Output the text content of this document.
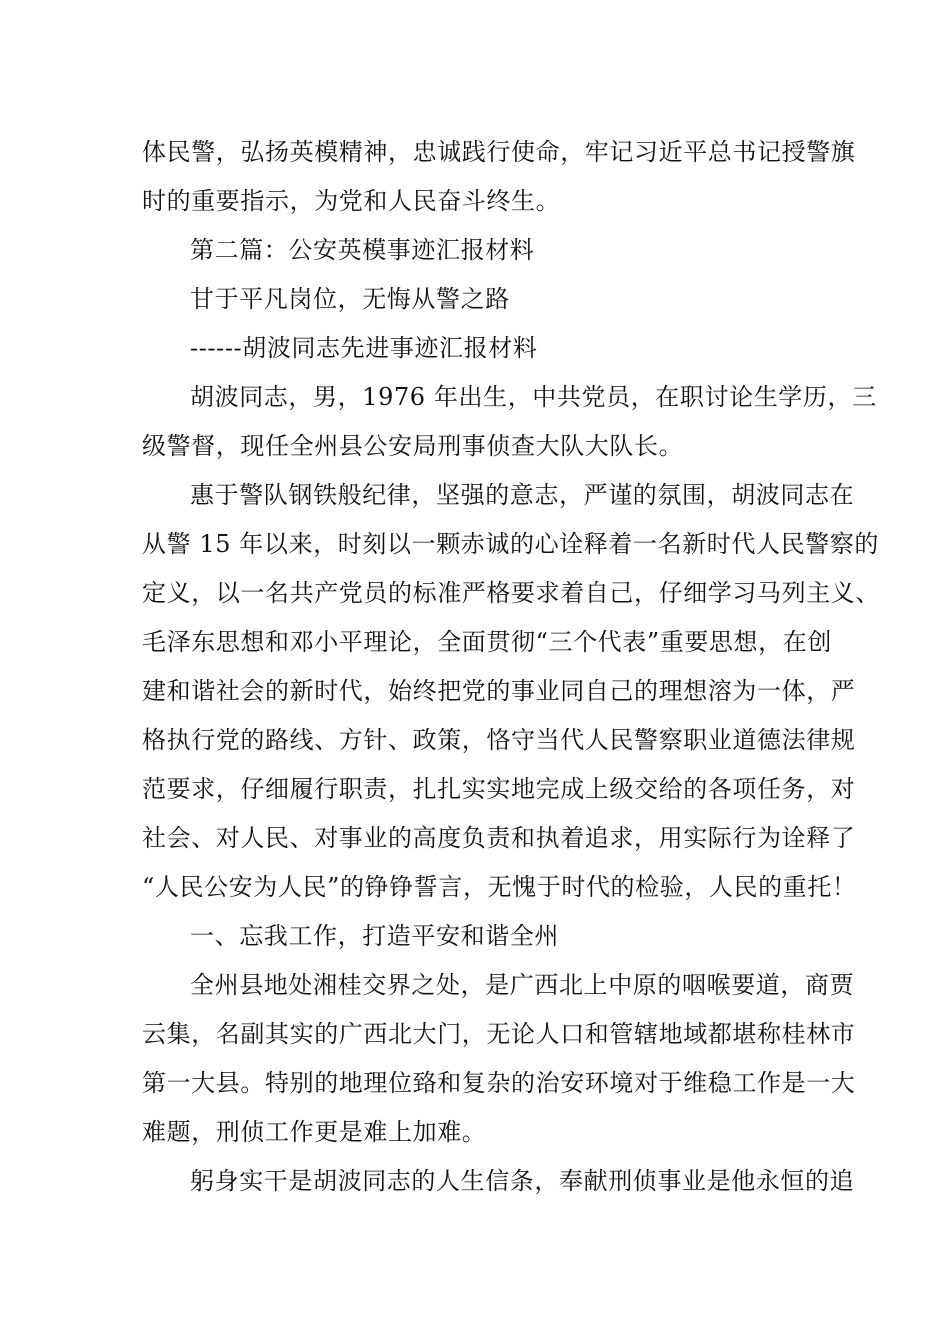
体民警，弘扬英模精神，忠诚践行使命，牢记习近平总书记授警旗
时的重要指示，为党和人民奋斗终生。
第二篇：公安英模事迹汇报材料
甘于平凡岗位，无悔从警之路
------胡波同志先进事迹汇报材料
胡波同志，男，1976 年出生，中共党员，在职讨论生学历，三
级警督，现任全州县公安局刑事侦查大队大队长。
惠于警队钢铁般纪律，坚强的意志，严谨的氛围，胡波同志在
从警 15 年以来，时刻以一颗赤诚的心诠释着一名新时代人民警察的
定义，以一名共产党员的标准严格要求着自己，仔细学习马列主义、
毛泽东思想和邓小平理论，全面贯彻“三个代表”重要思想，在创
建和谐社会的新时代，始终把党的事业同自己的理想溶为一体，严
格执行党的路线、方针、政策，恪守当代人民警察职业道德法律规
范要求，仔细履行职责，扎扎实实地完成上级交给的各项任务，对
社会、对人民、对事业的高度负责和执着追求，用实际行为诠释了
“人民公安为人民”的铮铮誓言，无愧于时代的检验，人民的重托！
一、忘我工作，打造平安和谐全州
全州县地处湘桂交界之处，是广西北上中原的咽喉要道，商贾
云集，名副其实的广西北大门，无论人口和管辖地域都堪称桂林市
第一大县。特别的地理位臵和复杂的治安环境对于维稳工作是一大
难题，刑侦工作更是难上加难。
躬身实干是胡波同志的人生信条，奉献刑侦事业是他永恒的追
